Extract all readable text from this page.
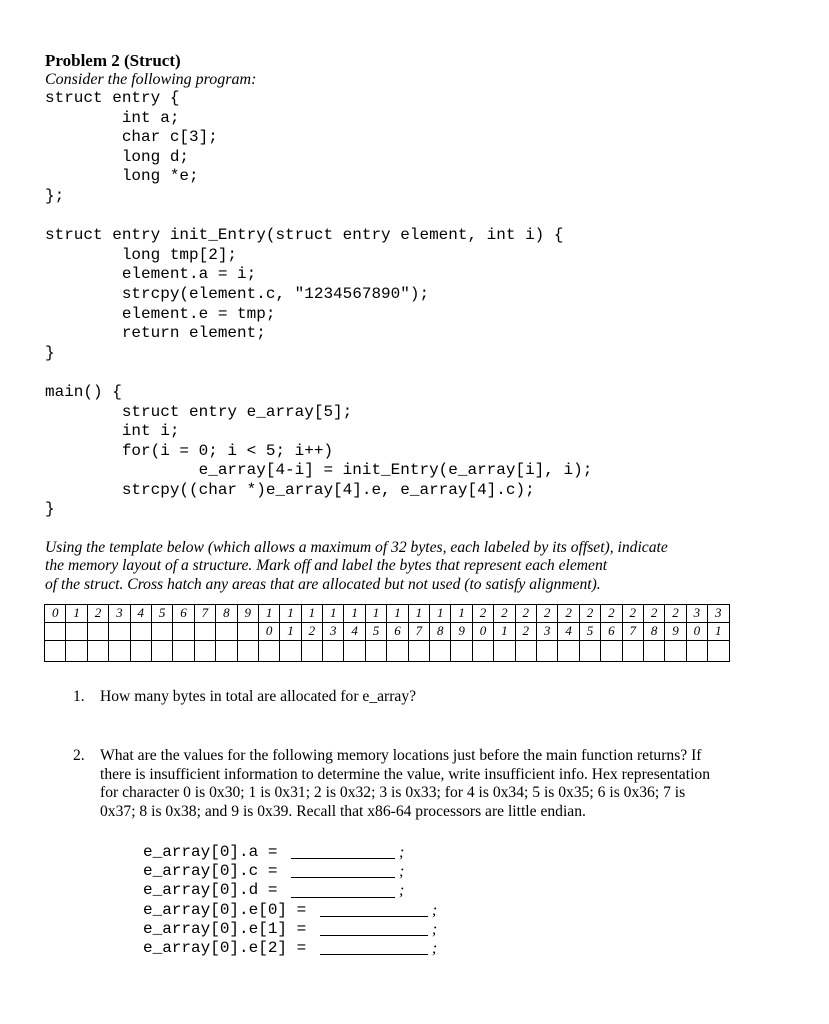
Problem 2 (Struct)
Consider the following program:
struct entry {
int a;
char c[3];
long d;
long *e;
};
struct entry init_Entry(struct entry element, int i) {
long tmp[2];
element.a = i;
strcpy(element.c, "1234567890");
element.e = tmp;
return element;
}
main() {
struct entry e_array[5];
int i;
for(i = 0; i < 5; i++)
e_array[4-i] = init_Entry(e_array[i], i);
strcpy((char *)e_array[4].e, e_array[4].c);
}
Using the template below (which allows a maximum of 32 bytes, each labeled by its offset), indicate
the memory layout of a structure. Mark off and label the bytes that represent each element
of the struct. Cross hatch any areas that are allocated but not used (to satisfy alignment).
0	1	2	3	4	5	6	7	8	9	1	1	1	1	1	1	1	1	1	1	2	2	2	2	2	2	2	2	2	2	3	3
										0	1	2	3	4	5	6	7	8	9	0	1	2	3	4	5	6	7	8	9	0	1

1. How many bytes in total are allocated for e_array?
2. What are the values for the following memory locations just before the main function returns? If
there is insufficient information to determine the value, write insufficient info. Hex representation
for character 0 is 0x30; 1 is 0x31; 2 is 0x32; 3 is 0x33; for 4 is 0x34; 5 is 0x35; 6 is 0x36; 7 is
0x37; 8 is 0x38; and 9 is 0x39. Recall that x86-64 processors are little endian.
e_array[0].a =	;
e_array[0].c =	;
e_array[0].d =	;
e_array[0].e[0] =	;
e_array[0].e[1] =	;
e_array[0].e[2] =	;
